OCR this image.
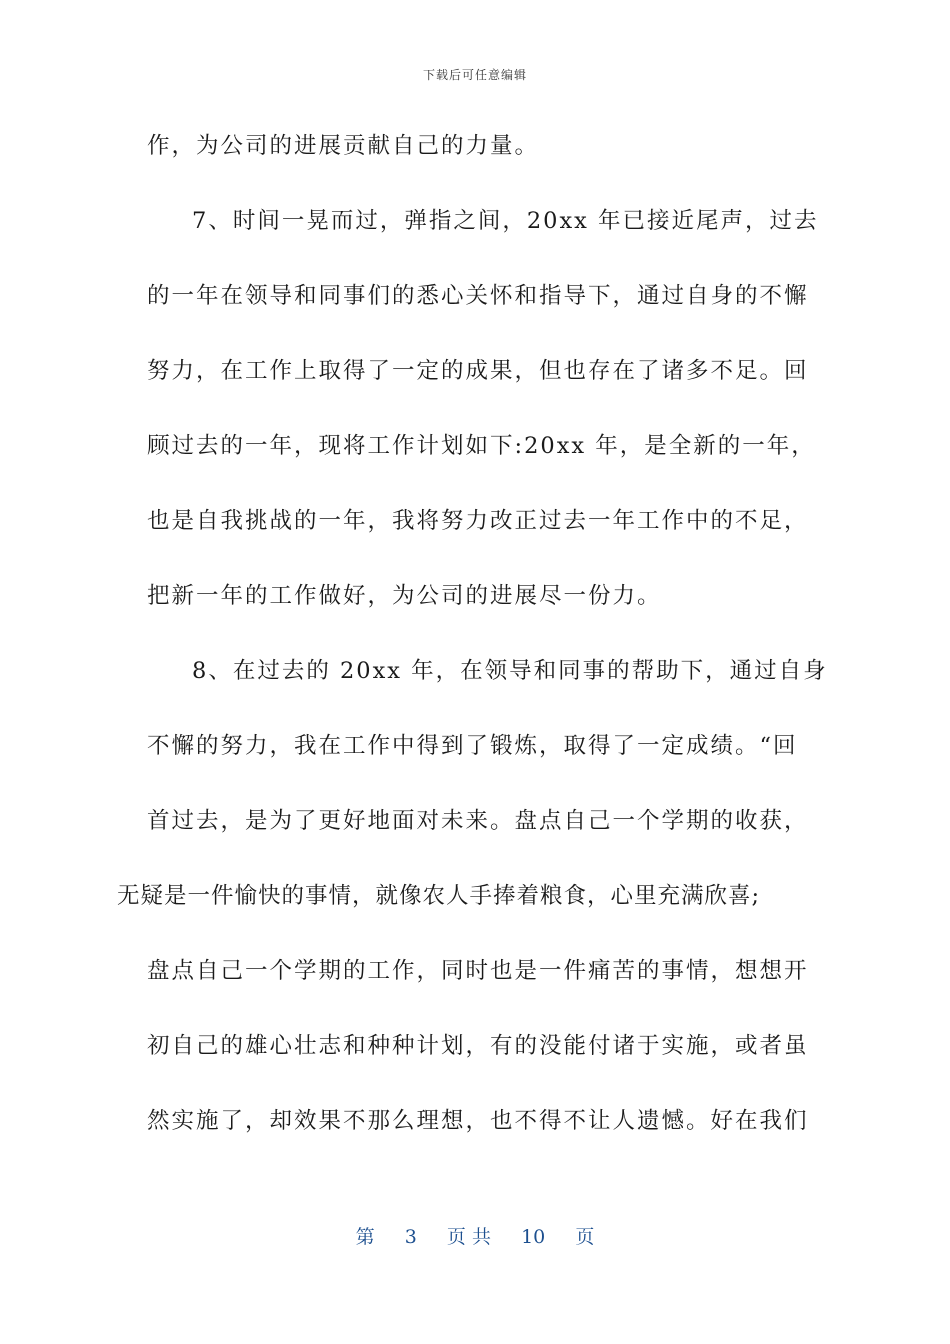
下载后可任意编辑
作，为公司的进展贡献自己的力量。
7、时间一晃而过，弹指之间，20xx 年已接近尾声，过去
的一年在领导和同事们的悉心关怀和指导下，通过自身的不懈
努力，在工作上取得了一定的成果，但也存在了诸多不足。回
顾过去的一年，现将工作计划如下:20xx 年，是全新的一年，
也是自我挑战的一年，我将努力改正过去一年工作中的不足，
把新一年的工作做好，为公司的进展尽一份力。
8、在过去的 20xx 年，在领导和同事的帮助下，通过自身
不懈的努力，我在工作中得到了锻炼，取得了一定成绩。“回
首过去，是为了更好地面对未来。盘点自己一个学期的收获，
无疑是一件愉快的事情，就像农人手捧着粮食，心里充满欣喜;
盘点自己一个学期的工作，同时也是一件痛苦的事情，想想开
初自己的雄心壮志和种种计划，有的没能付诸于实施，或者虽
然实施了，却效果不那么理想，也不得不让人遗憾。好在我们
第 3 页 共 10 页
